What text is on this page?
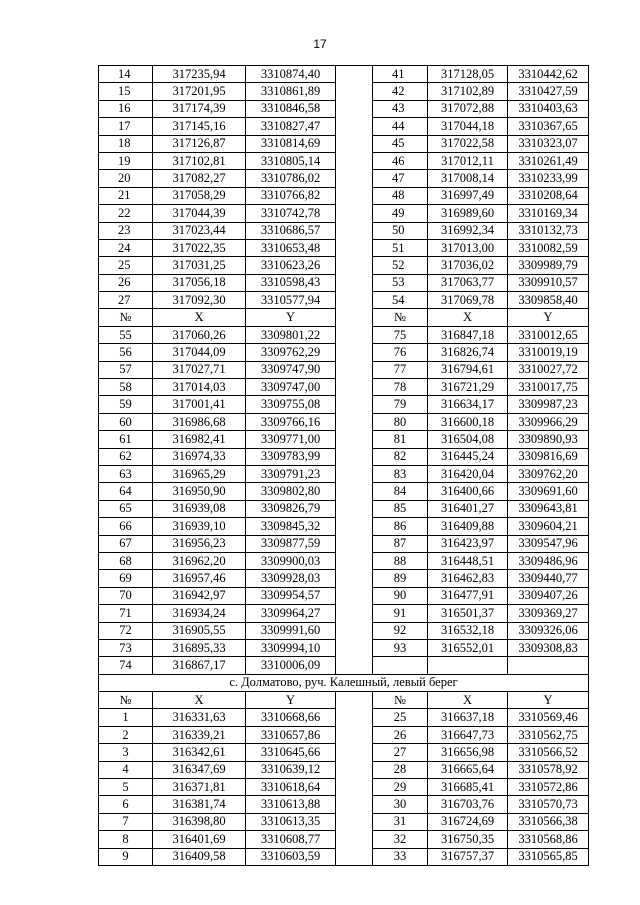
17
14	317235,94	3310874,40		41	317128,05	3310442,62
15	317201,95	3310861,89		42	317102,89	3310427,59
16	317174,39	3310846,58		43	317072,88	3310403,63
17	317145,16	3310827,47		44	317044,18	3310367,65
18	317126,87	3310814,69		45	317022,58	3310323,07
19	317102,81	3310805,14		46	317012,11	3310261,49
20	317082,27	3310786,02		47	317008,14	3310233,99
21	317058,29	3310766,82		48	316997,49	3310208,64
22	317044,39	3310742,78		49	316989,60	3310169,34
23	317023,44	3310686,57		50	316992,34	3310132,73
24	317022,35	3310653,48		51	317013,00	3310082,59
25	317031,25	3310623,26		52	317036,02	3309989,79
26	317056,18	3310598,43		53	317063,77	3309910,57
27	317092,30	3310577,94		54	317069,78	3309858,40
№	X	Y		№	X	Y
55	317060,26	3309801,22		75	316847,18	3310012,65
56	317044,09	3309762,29		76	316826,74	3310019,19
57	317027,71	3309747,90		77	316794,61	3310027,72
58	317014,03	3309747,00		78	316721,29	3310017,75
59	317001,41	3309755,08		79	316634,17	3309987,23
60	316986,68	3309766,16		80	316600,18	3309966,29
61	316982,41	3309771,00		81	316504,08	3309890,93
62	316974,33	3309783,99		82	316445,24	3309816,69
63	316965,29	3309791,23		83	316420,04	3309762,20
64	316950,90	3309802,80		84	316400,66	3309691,60
65	316939,08	3309826,79		85	316401,27	3309643,81
66	316939,10	3309845,32		86	316409,88	3309604,21
67	316956,23	3309877,59		87	316423,97	3309547,96
68	316962,20	3309900,03		88	316448,51	3309486,96
69	316957,46	3309928,03		89	316462,83	3309440,77
70	316942,97	3309954,57		90	316477,91	3309407,26
71	316934,24	3309964,27		91	316501,37	3309369,27
72	316905,55	3309991,60		92	316532,18	3309326,06
73	316895,33	3309994,10		93	316552,01	3309308,83
74	316867,17	3310006,09				
с. Долматово, руч. Калешный, левый берег						
№	X	Y		№	X	Y
1	316331,63	3310668,66		25	316637,18	3310569,46
2	316339,21	3310657,86		26	316647,73	3310562,75
3	316342,61	3310645,66		27	316656,98	3310566,52
4	316347,69	3310639,12		28	316665,64	3310578,92
5	316371,81	3310618,64		29	316685,41	3310572,86
6	316381,74	3310613,88		30	316703,76	3310570,73
7	316398,80	3310613,35		31	316724,69	3310566,38
8	316401,69	3310608,77		32	316750,35	3310568,86
9	316409,58	3310603,59		33	316757,37	3310565,85
